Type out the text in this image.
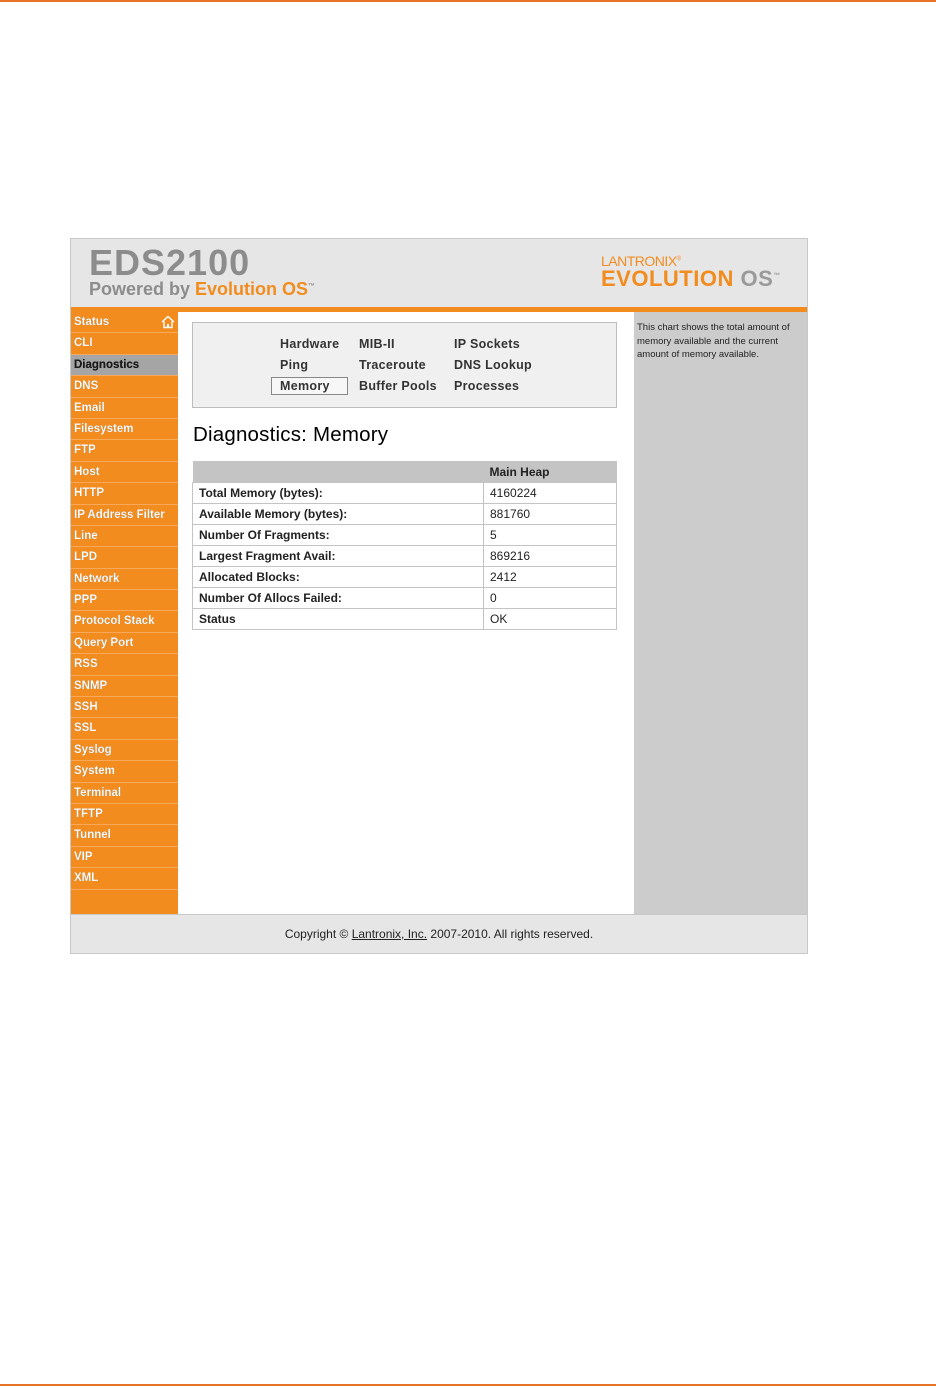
EDS2100
Powered by Evolution OS™
LANTRONIX®
EVOLUTION OS™
Status
CLI
Diagnostics
DNS
Email
Filesystem
FTP
Host
HTTP
IP Address Filter
Line
LPD
Network
PPP
Protocol Stack
Query Port
RSS
SNMP
SSH
SSL
Syslog
System
Terminal
TFTP
Tunnel
VIP
XML
Hardware MIB-II	IP Sockets
Ping	Traceroute DNS Lookup
Memory	Buffer Pools Processes
Diagnostics: Memory
	Main Heap
Total Memory (bytes):	4160224
Available Memory (bytes):	881760
Number Of Fragments:	5
Largest Fragment Avail:	869216
Allocated Blocks:	2412
Number Of Allocs Failed:	0
Status	OK
This chart shows the total amount of memory available and the current amount of memory available.
Copyright © Lantronix, Inc. 2007-2010. All rights reserved.
